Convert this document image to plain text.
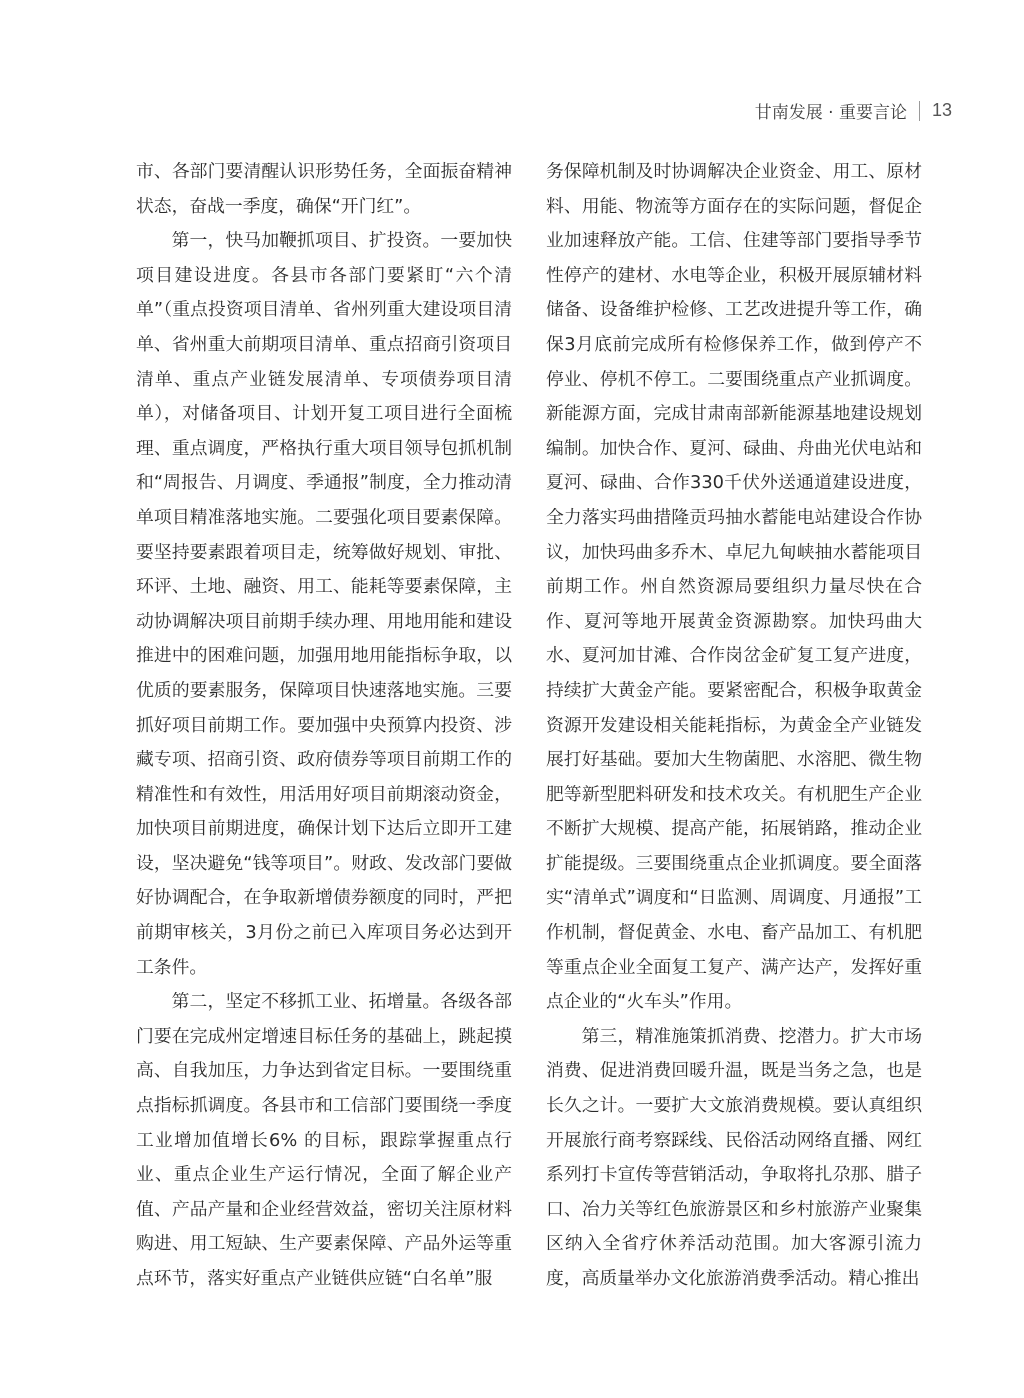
甘南发展 · 重要言论 13

市、各部门要清醒认识形势任务，全面振奋精神状态，奋战一季度，确保“开门红”。

第一，快马加鞭抓项目、扩投资。一要加快项目建设进度。各县市各部门要紧盯“六个清单”（重点投资项目清单、省州列重大建设项目清单、省州重大前期项目清单、重点招商引资项目清单、重点产业链发展清单、专项债券项目清单），对储备项目、计划开复工项目进行全面梳理、重点调度，严格执行重大项目领导包抓机制和“周报告、月调度、季通报”制度，全力推动清单项目精准落地实施。二要强化项目要素保障。要坚持要素跟着项目走，统筹做好规划、审批、环评、土地、融资、用工、能耗等要素保障，主动协调解决项目前期手续办理、用地用能和建设推进中的困难问题，加强用地用能指标争取，以优质的要素服务，保障项目快速落地实施。三要抓好项目前期工作。要加强中央预算内投资、涉藏专项、招商引资、政府债券等项目前期工作的精准性和有效性，用活用好项目前期滚动资金，加快项目前期进度，确保计划下达后立即开工建设，坚决避免“钱等项目”。财政、发改部门要做好协调配合，在争取新增债券额度的同时，严把前期审核关，3月份之前已入库项目务必达到开工条件。

第二，坚定不移抓工业、拓增量。各级各部门要在完成州定增速目标任务的基础上，跳起摸高、自我加压，力争达到省定目标。一要围绕重点指标抓调度。各县市和工信部门要围绕一季度工业增加值增长6% 的目标，跟踪掌握重点行业、重点企业生产运行情况，全面了解企业产值、产品产量和企业经营效益，密切关注原材料购进、用工短缺、生产要素保障、产品外运等重点环节，落实好重点产业链供应链“白名单”服

务保障机制及时协调解决企业资金、用工、原材料、用能、物流等方面存在的实际问题，督促企业加速释放产能。工信、住建等部门要指导季节性停产的建材、水电等企业，积极开展原辅材料储备、设备维护检修、工艺改进提升等工作，确保3月底前完成所有检修保养工作，做到停产不停业、停机不停工。二要围绕重点产业抓调度。新能源方面，完成甘肃南部新能源基地建设规划编制。加快合作、夏河、碌曲、舟曲光伏电站和夏河、碌曲、合作330千伏外送通道建设进度，全力落实玛曲措隆贡玛抽水蓄能电站建设合作协议，加快玛曲多乔木、卓尼九甸峡抽水蓄能项目前期工作。州自然资源局要组织力量尽快在合作、夏河等地开展黄金资源勘察。加快玛曲大水、夏河加甘滩、合作岗岔金矿复工复产进度，持续扩大黄金产能。要紧密配合，积极争取黄金资源开发建设相关能耗指标，为黄金全产业链发展打好基础。要加大生物菌肥、水溶肥、微生物肥等新型肥料研发和技术攻关。有机肥生产企业不断扩大规模、提高产能，拓展销路，推动企业扩能提级。三要围绕重点企业抓调度。要全面落实“清单式”调度和“日监测、周调度、月通报”工作机制，督促黄金、水电、畜产品加工、有机肥等重点企业全面复工复产、满产达产，发挥好重点企业的“火车头”作用。

第三，精准施策抓消费、挖潜力。扩大市场消费、促进消费回暖升温，既是当务之急，也是长久之计。一要扩大文旅消费规模。要认真组织开展旅行商考察踩线、民俗活动网络直播、网红系列打卡宣传等营销活动，争取将扎尕那、腊子口、冶力关等红色旅游景区和乡村旅游产业聚集区纳入全省疗休养活动范围。加大客源引流力度，高质量举办文化旅游消费季活动。精心推出
